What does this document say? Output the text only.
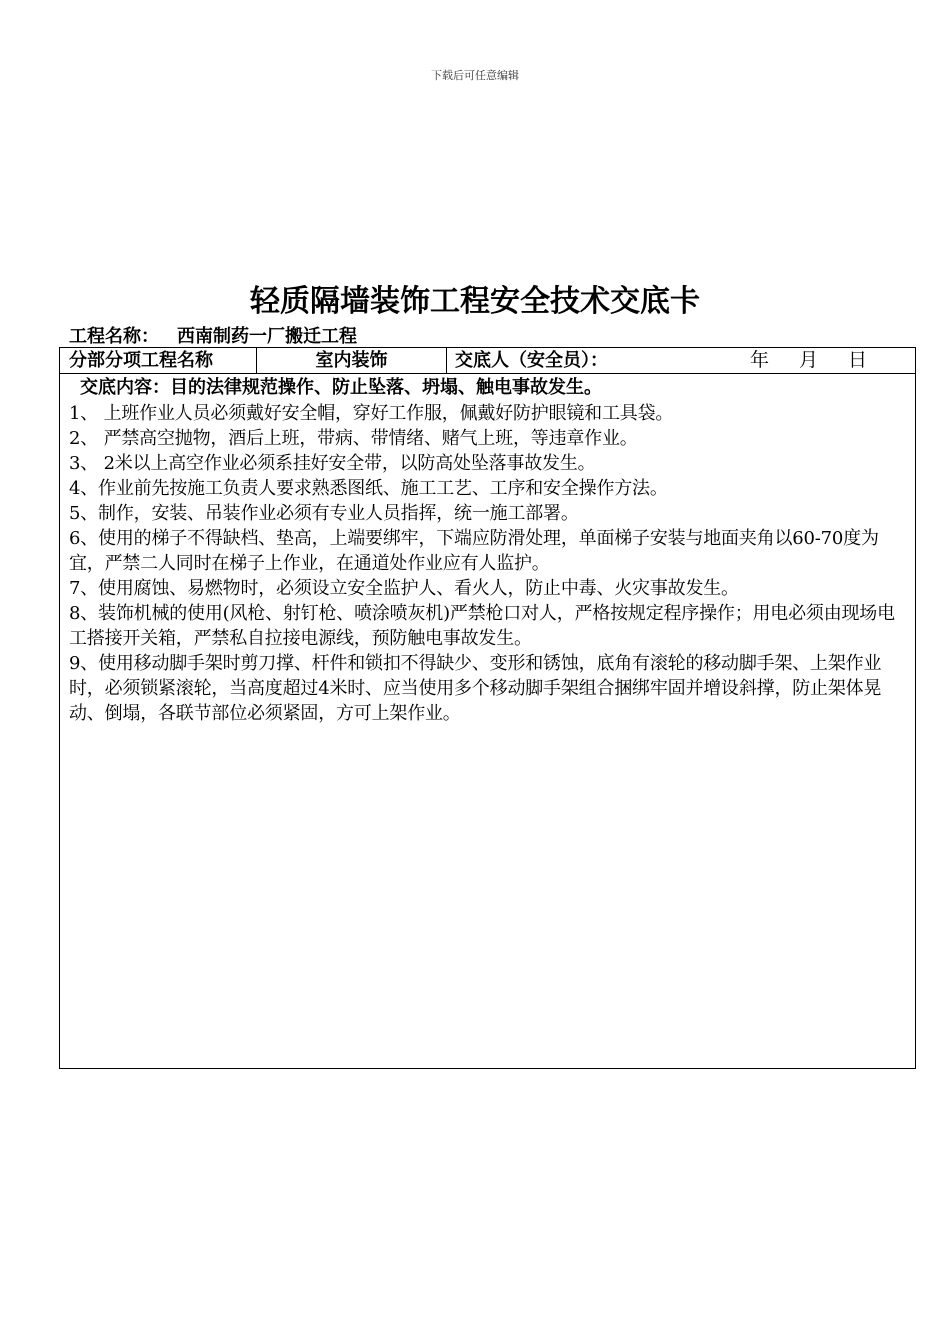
下载后可任意编辑
轻质隔墙装饰工程安全技术交底卡
工程名称： 西南制药一厂搬迁工程
分部分项工程名称	室内装饰	交底人（安全员）：	年 月 日
交底内容：目的法律规范操作、防止坠落、坍塌、触电事故发生。
1、 上班作业人员必须戴好安全帽，穿好工作服，佩戴好防护眼镜和工具袋。
2、 严禁高空抛物，酒后上班，带病、带情绪、赌气上班，等违章作业。
3、 2米以上高空作业必须系挂好安全带，以防高处坠落事故发生。
4、作业前先按施工负责人要求熟悉图纸、施工工艺、工序和安全操作方法。
5、制作，安装、吊装作业必须有专业人员指挥，统一施工部署。
6、使用的梯子不得缺档、垫高，上端要绑牢，下端应防滑处理，单面梯子安装与地面夹角以60-70度为宜，严禁二人同时在梯子上作业，在通道处作业应有人监护。
7、使用腐蚀、易燃物时，必须设立安全监护人、看火人，防止中毒、火灾事故发生。
8、装饰机械的使用(风枪、射钉枪、喷涂喷灰机)严禁枪口对人，严格按规定程序操作；用电必须由现场电工搭接开关箱，严禁私自拉接电源线，预防触电事故发生。
9、使用移动脚手架时剪刀撑、杆件和锁扣不得缺少、变形和锈蚀，底角有滚轮的移动脚手架、上架作业时，必须锁紧滚轮，当高度超过4米时、应当使用多个移动脚手架组合捆绑牢固并增设斜撑，防止架体晃动、倒塌，各联节部位必须紧固，方可上架作业。
